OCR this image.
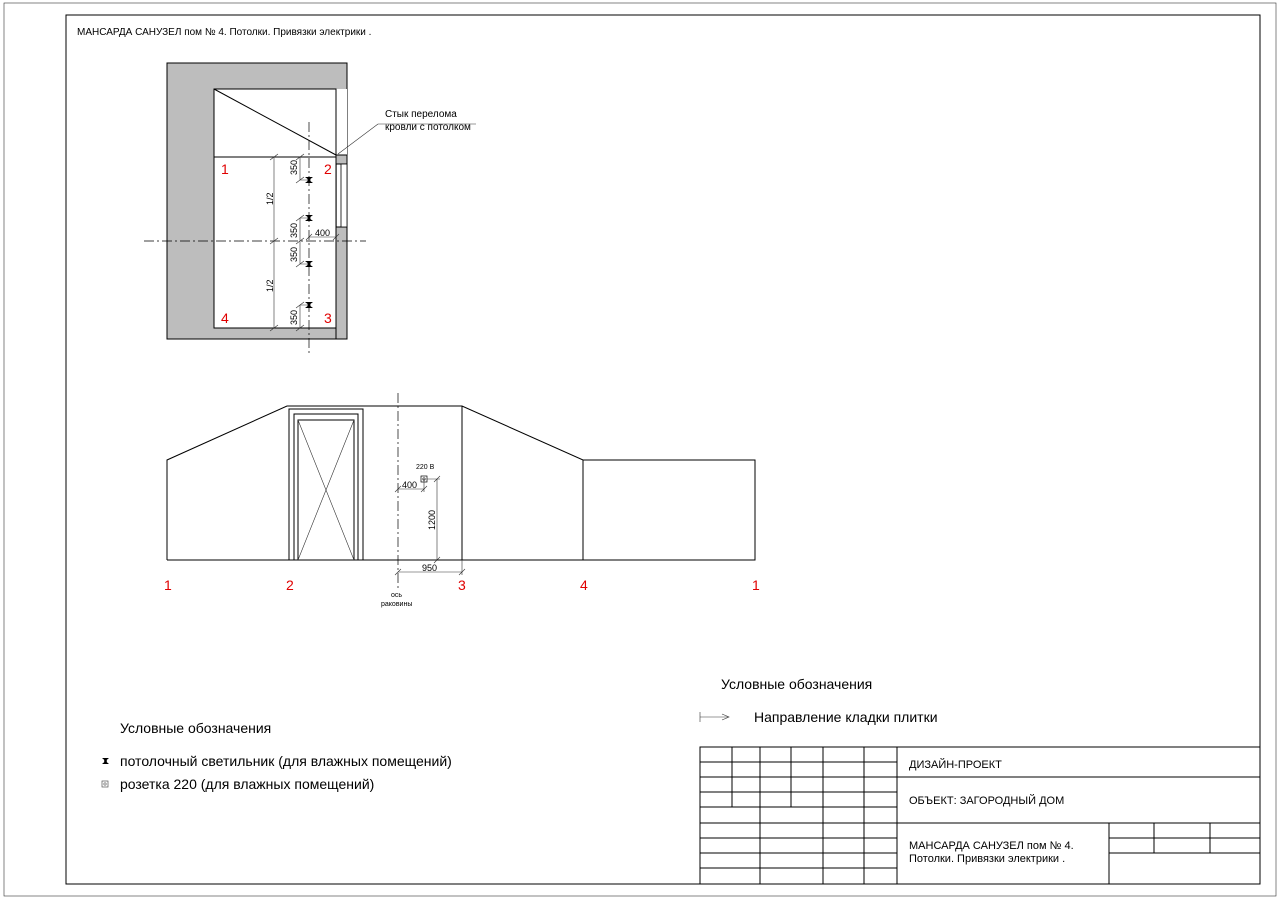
МАНСАРДА САНУЗЕЛ пом № 4. Потолки. Привязки электрики .
Стык перелома
кровли с потолком
350
350
350
350
1/2
1/2
400
1	2
4	3
ось
раковины
220 В
400
1200
950
1	2	3	4	1
Условные обозначения
потолочный светильник (для влажных помещений)
розетка 220 (для влажных помещений)
Условные обозначения
Направление кладки плитки
ДИЗАЙН-ПРОЕКТ
ОБЪЕКТ: ЗАГОРОДНЫЙ ДОМ
МАНСАРДА САНУЗЕЛ пом № 4.
Потолки. Привязки электрики .
